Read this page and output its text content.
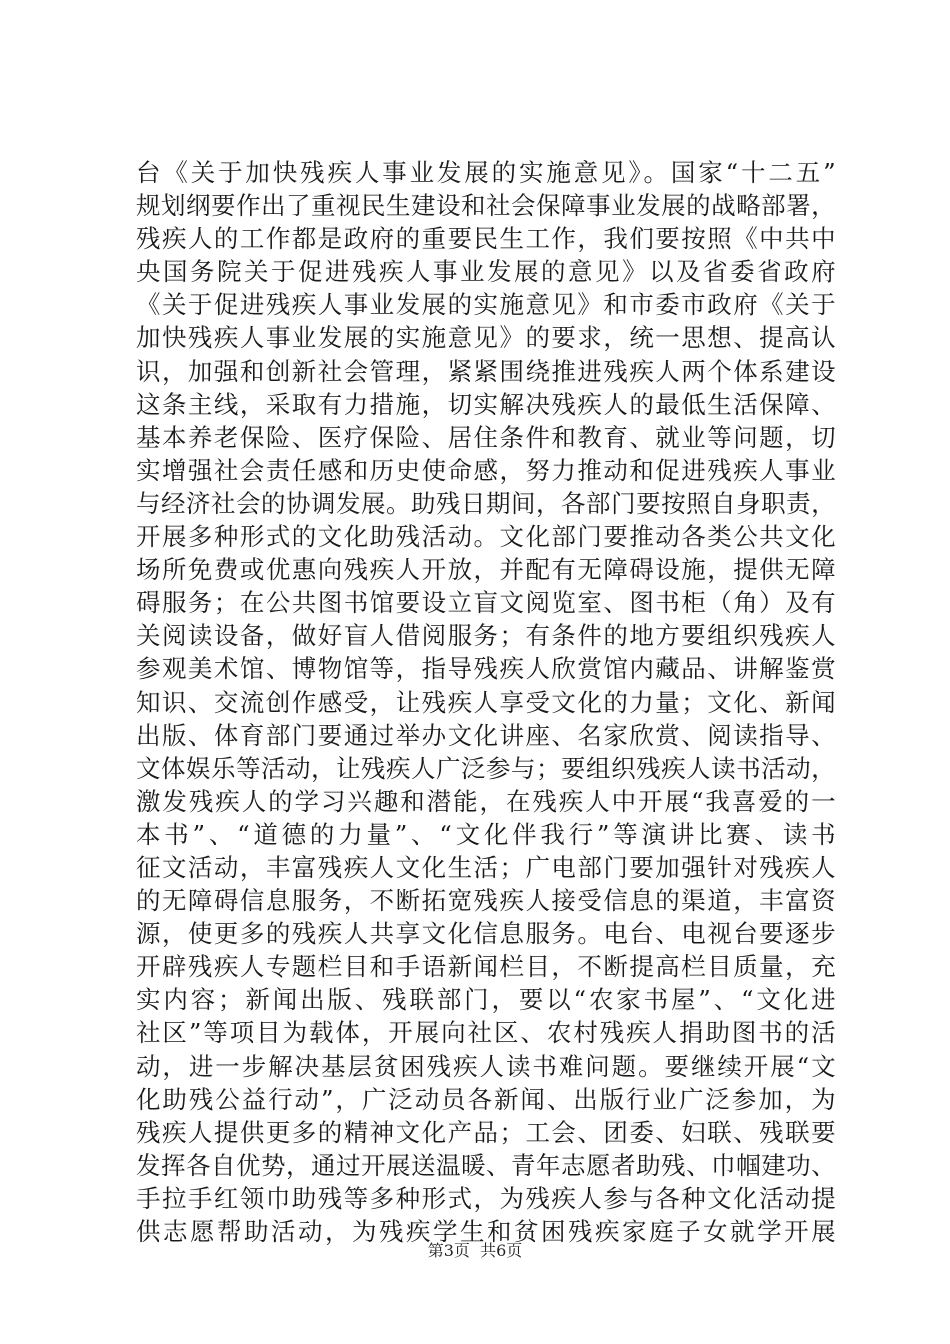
台《关于加快残疾人事业发展的实施意见》。国家“十二五”
规划纲要作出了重视民生建设和社会保障事业发展的战略部署，
残疾人的工作都是政府的重要民生工作，我们要按照《中共中
央国务院关于促进残疾人事业发展的意见》以及省委省政府
《关于促进残疾人事业发展的实施意见》和市委市政府《关于
加快残疾人事业发展的实施意见》的要求，统一思想、提高认
识，加强和创新社会管理，紧紧围绕推进残疾人两个体系建设
这条主线，采取有力措施，切实解决残疾人的最低生活保障、
基本养老保险、医疗保险、居住条件和教育、就业等问题，切
实增强社会责任感和历史使命感，努力推动和促进残疾人事业
与经济社会的协调发展。助残日期间，各部门要按照自身职责，
开展多种形式的文化助残活动。文化部门要推动各类公共文化
场所免费或优惠向残疾人开放，并配有无障碍设施，提供无障
碍服务；在公共图书馆要设立盲文阅览室、图书柜（角）及有
关阅读设备，做好盲人借阅服务；有条件的地方要组织残疾人
参观美术馆、博物馆等，指导残疾人欣赏馆内藏品、讲解鉴赏
知识、交流创作感受，让残疾人享受文化的力量；文化、新闻
出版、体育部门要通过举办文化讲座、名家欣赏、阅读指导、
文体娱乐等活动，让残疾人广泛参与；要组织残疾人读书活动，
激发残疾人的学习兴趣和潜能，在残疾人中开展“我喜爱的一
本书”、“道德的力量”、“文化伴我行”等演讲比赛、读书
征文活动，丰富残疾人文化生活；广电部门要加强针对残疾人
的无障碍信息服务，不断拓宽残疾人接受信息的渠道，丰富资
源，使更多的残疾人共享文化信息服务。电台、电视台要逐步
开辟残疾人专题栏目和手语新闻栏目，不断提高栏目质量，充
实内容；新闻出版、残联部门，要以“农家书屋”、“文化进
社区”等项目为载体，开展向社区、农村残疾人捐助图书的活
动，进一步解决基层贫困残疾人读书难问题。要继续开展“文
化助残公益行动”，广泛动员各新闻、出版行业广泛参加，为
残疾人提供更多的精神文化产品；工会、团委、妇联、残联要
发挥各自优势，通过开展送温暖、青年志愿者助残、巾帼建功、
手拉手红领巾助残等多种形式，为残疾人参与各种文化活动提
供志愿帮助活动，为残疾学生和贫困残疾家庭子女就学开展
第3页  共6页
